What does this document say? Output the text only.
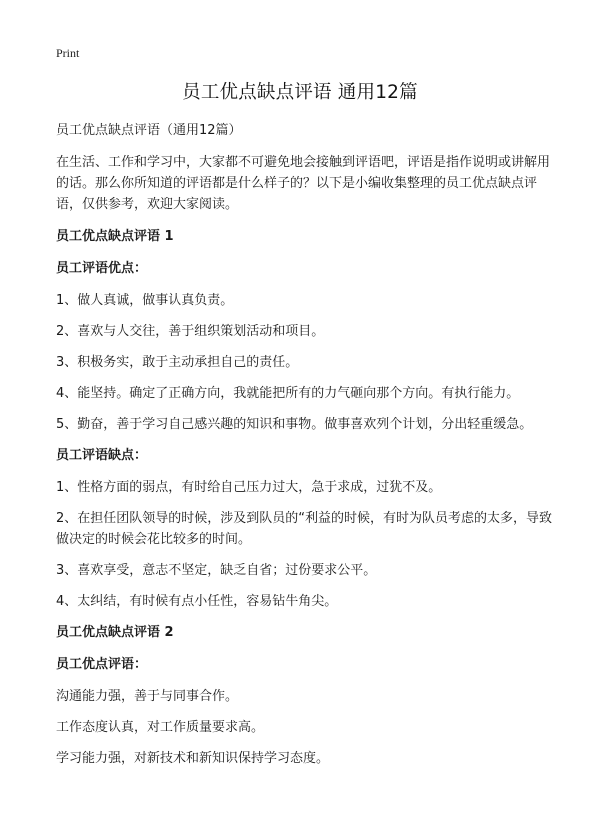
Print
员工优点缺点评语 通用12篇

员工优点缺点评语（通用12篇）

在生活、工作和学习中，大家都不可避免地会接触到评语吧，评语是指作说明或讲解用的话。那么你所知道的评语都是什么样子的？以下是小编收集整理的员工优点缺点评语，仅供参考，欢迎大家阅读。

员工优点缺点评语 1

员工评语优点：

1、做人真诚，做事认真负责。

2、喜欢与人交往，善于组织策划活动和项目。

3、积极务实，敢于主动承担自己的责任。

4、能坚持。确定了正确方向，我就能把所有的力气砸向那个方向。有执行能力。

5、勤奋，善于学习自己感兴趣的知识和事物。做事喜欢列个计划，分出轻重缓急。

员工评语缺点：

1、性格方面的弱点，有时给自己压力过大，急于求成，过犹不及。

2、在担任团队领导的时候，涉及到队员的“利益的时候，有时为队员考虑的太多，导致做决定的时候会花比较多的时间。

3、喜欢享受，意志不坚定，缺乏自省；过份要求公平。

4、太纠结，有时候有点小任性，容易钻牛角尖。

员工优点缺点评语 2

员工优点评语：

沟通能力强，善于与同事合作。

工作态度认真，对工作质量要求高。

学习能力强，对新技术和新知识保持学习态度。
